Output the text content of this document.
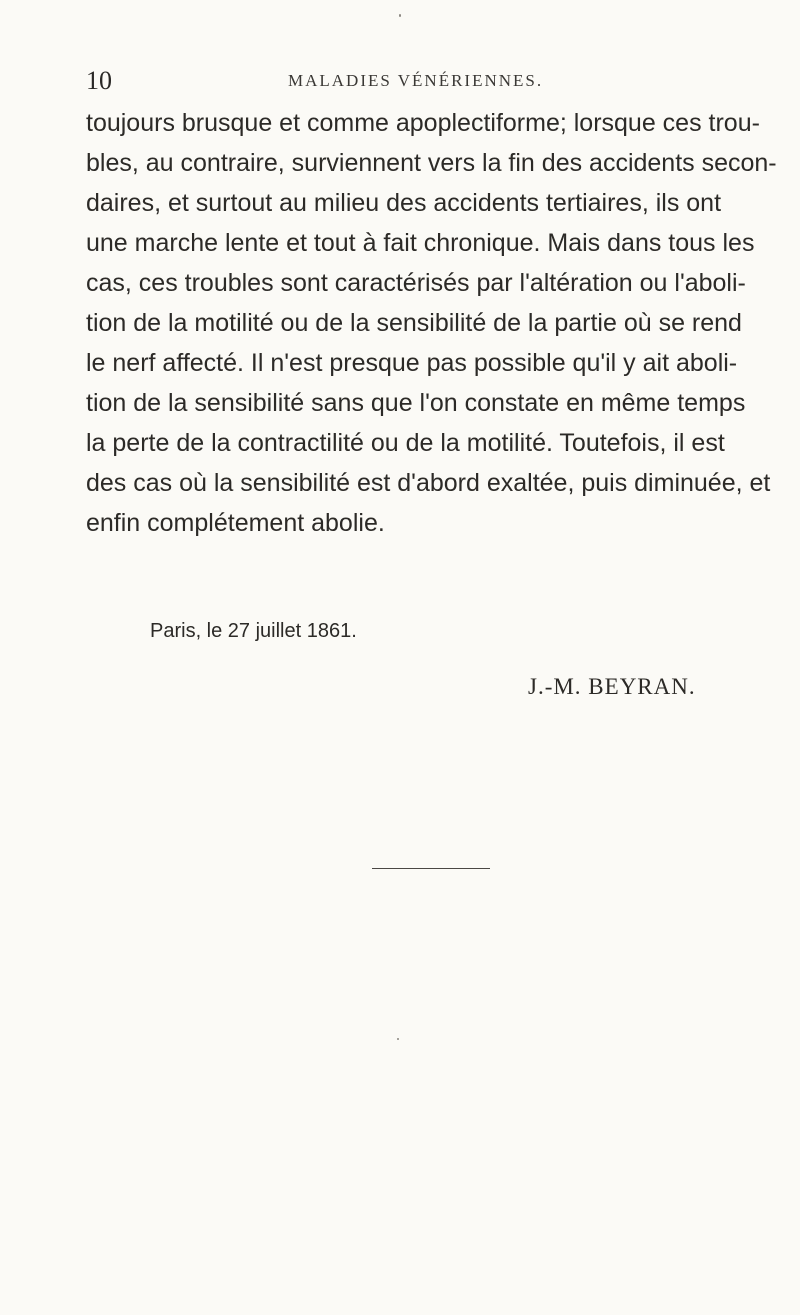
10	MALADIES VÉNÉRIENNES.

toujours brusque et comme apoplectiforme; lorsque ces trou-
bles, au contraire, surviennent vers la fin des accidents secon-
daires, et surtout au milieu des accidents tertiaires, ils ont
une marche lente et tout à fait chronique. Mais dans tous les
cas, ces troubles sont caractérisés par l'altération ou l'aboli-
tion de la motilité ou de la sensibilité de la partie où se rend
le nerf affecté. Il n'est presque pas possible qu'il y ait aboli-
tion de la sensibilité sans que l'on constate en même temps
la perte de la contractilité ou de la motilité. Toutefois, il est
des cas où la sensibilité est d'abord exaltée, puis diminuée, et
enfin complétement abolie.

Paris, le 27 juillet 1861.
J.-M. BEYRAN.
